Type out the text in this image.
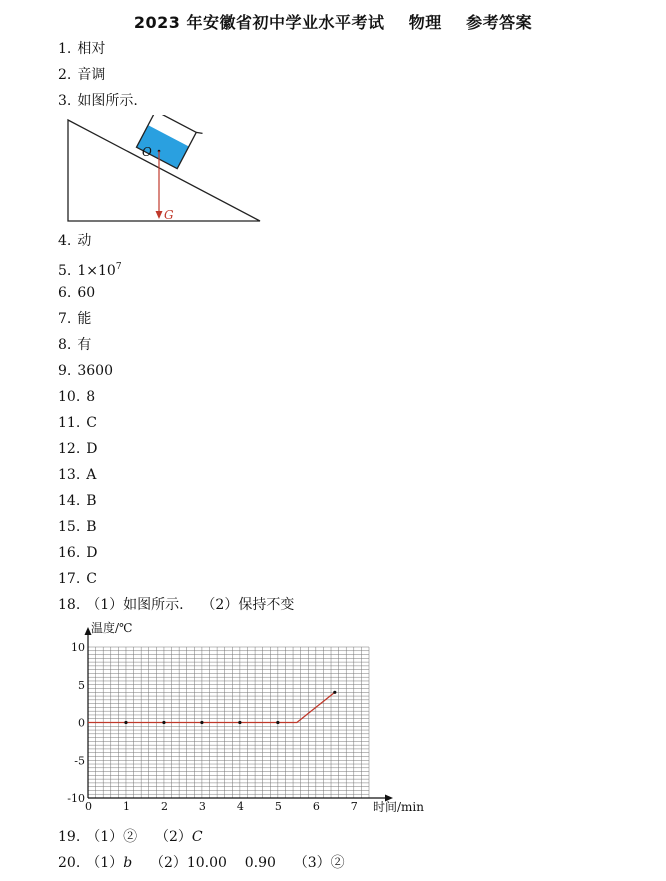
2023 年安徽省初中学业水平考试    物理    参考答案
1. 相对
2. 音调
3. 如图所示.
O
G
4. 动
5. $1\times 10^7$
6. 60
7. 能
8. 有
9. 3600
10. 8
11. C
12. D
13. A
14. B
15. B
16. D
17. C
18. （1）如图所示.    （2）保持不变
0	1	2	3	4	5	6	7
10
5
0
-5
-10
温度/℃
时间/min
19. （1）②    （2）C
20. （1）b    （2）10.00    0.90    （3）②
